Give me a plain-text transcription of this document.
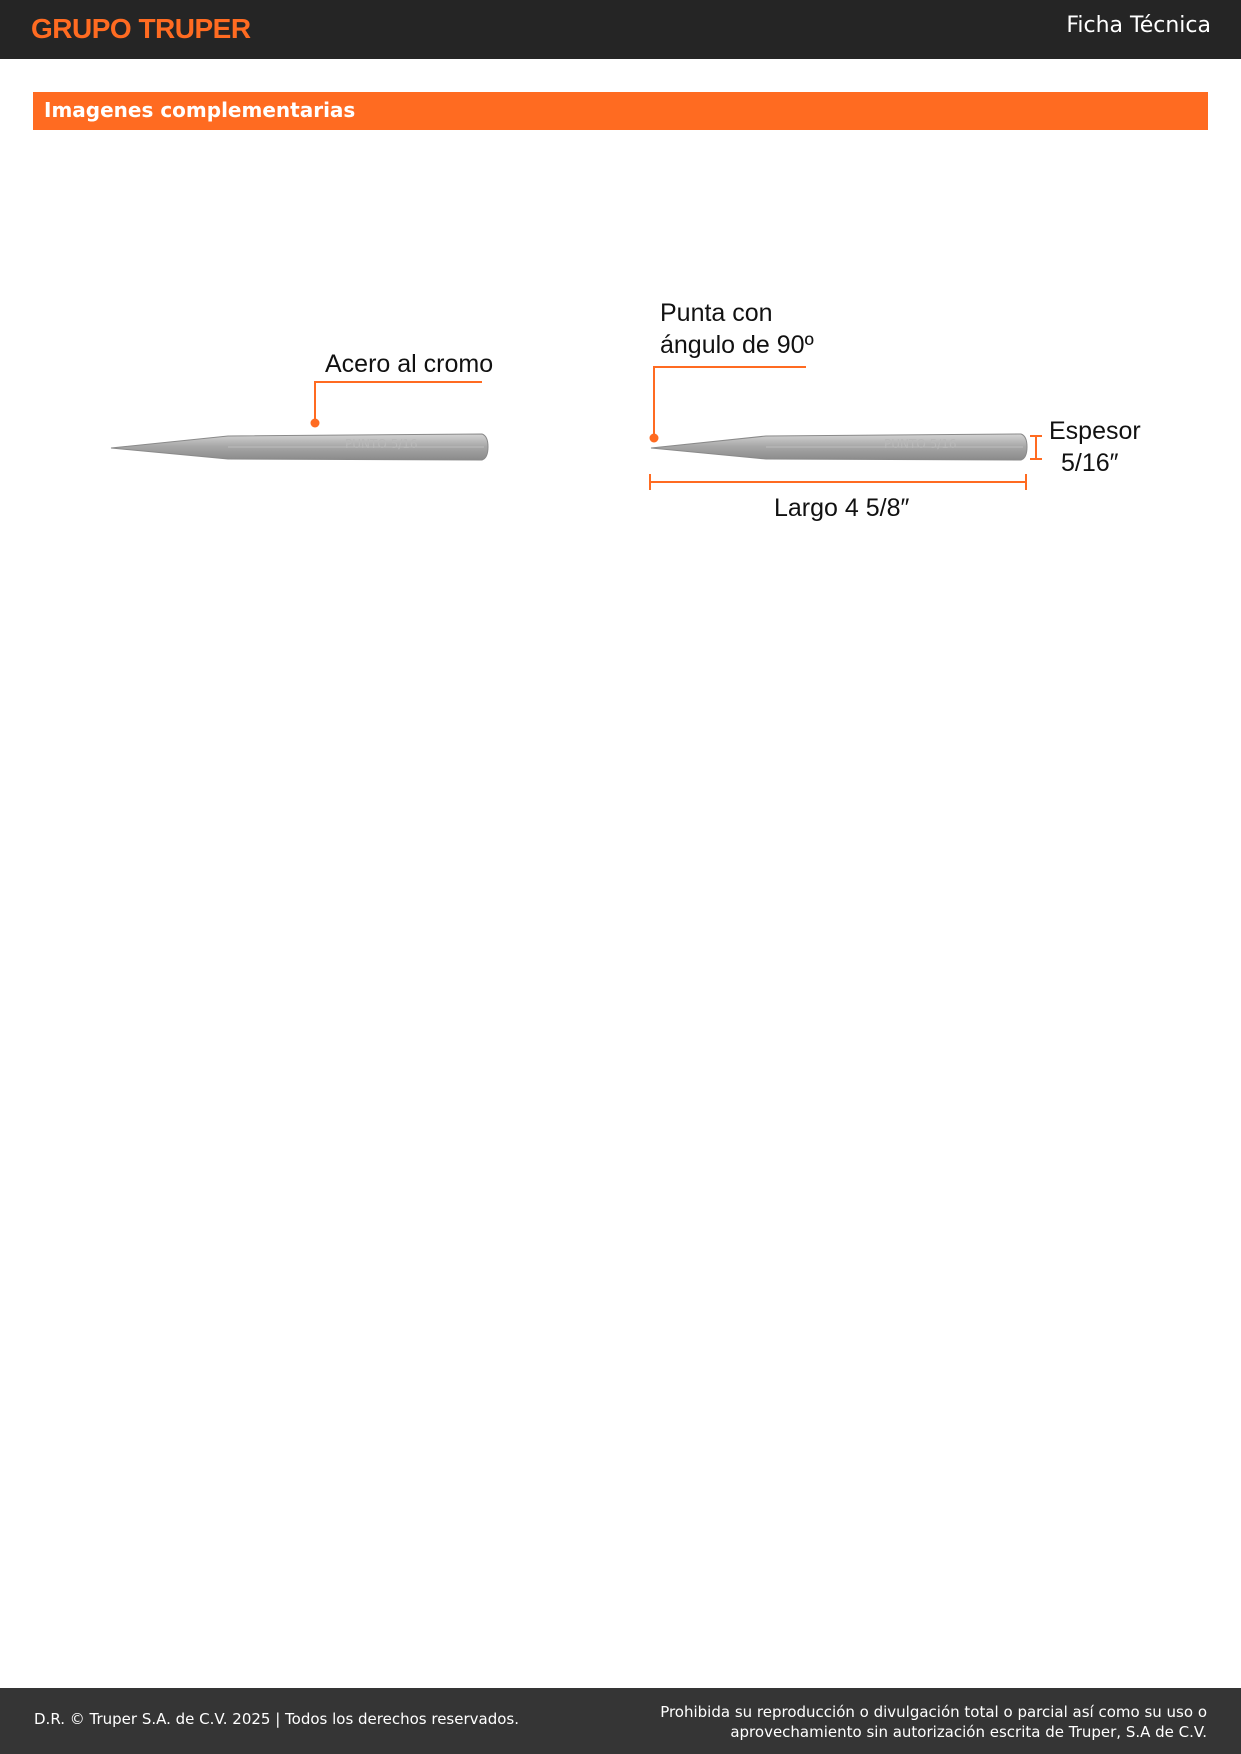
GRUPO TRUPER	Ficha Técnica
Imagenes complementarias
PUNTO 5/16
Acero al cromo
PUNTO 5/16
Punta con
ángulo de 90º
Espesor
5/16″
Largo 4 5/8″
D.R. © Truper S.A. de C.V. 2025 | Todos los derechos reservados.	Prohibida su reproducción o divulgación total o parcial así como su uso o aprovechamiento sin autorización escrita de Truper, S.A de C.V.
